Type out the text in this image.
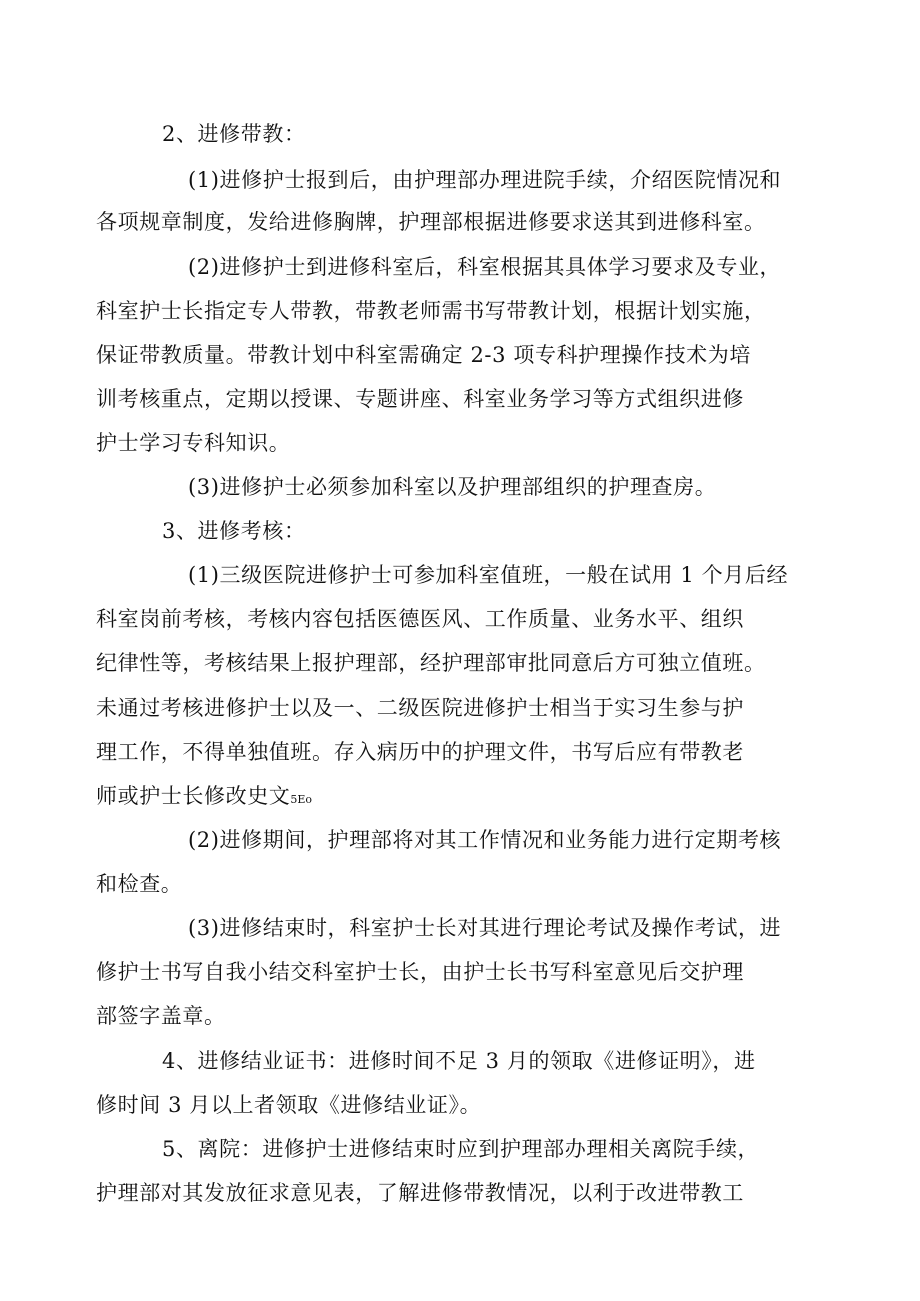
2、进修带教：
(1)进修护士报到后，由护理部办理进院手续，介绍医院情况和
各项规章制度，发给进修胸牌，护理部根据进修要求送其到进修科室。
(2)进修护士到进修科室后，科室根据其具体学习要求及专业，
科室护士长指定专人带教，带教老师需书写带教计划，根据计划实施，
保证带教质量。带教计划中科室需确定 2-3 项专科护理操作技术为培
训考核重点，定期以授课、专题讲座、科室业务学习等方式组织进修
护士学习专科知识。
(3)进修护士必须参加科室以及护理部组织的护理查房。
3、进修考核：
(1)三级医院进修护士可参加科室值班，一般在试用 1 个月后经
科室岗前考核，考核内容包括医德医风、工作质量、业务水平、组织
纪律性等，考核结果上报护理部，经护理部审批同意后方可独立值班。
未通过考核进修护士以及一、二级医院进修护士相当于实习生参与护
理工作，不得单独值班。存入病历中的护理文件，书写后应有带教老
师或护士长修改史文5Eo
(2)进修期间，护理部将对其工作情况和业务能力进行定期考核
和检查。
(3)进修结束时，科室护士长对其进行理论考试及操作考试，进
修护士书写自我小结交科室护士长，由护士长书写科室意见后交护理
部签字盖章。
4、进修结业证书：进修时间不足 3 月的领取《进修证明》，进
修时间 3 月以上者领取《进修结业证》。
5、离院：进修护士进修结束时应到护理部办理相关离院手续，
护理部对其发放征求意见表，了解进修带教情况，以利于改进带教工
